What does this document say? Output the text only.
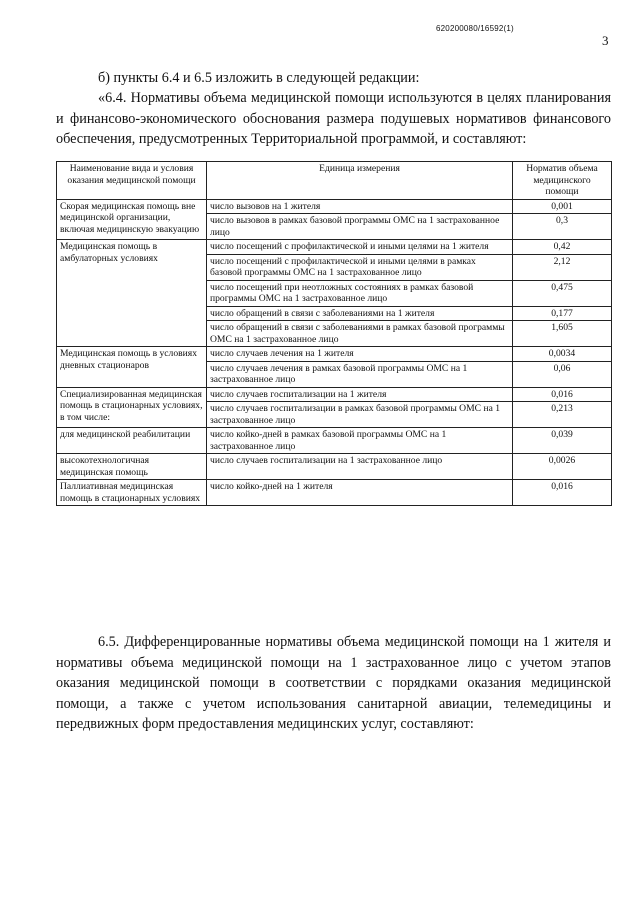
620200080/16592(1)
3
б) пункты 6.4 и 6.5 изложить в следующей редакции:
«6.4. Нормативы объема медицинской помощи используются в целях планирования и финансово-экономического обоснования размера подушевых нормативов финансового обеспечения, предусмотренных Территориальной программой, и составляют:
Наименование вида и условия оказания медицинской помощи	Единица измерения	Норматив объема медицинского помощи
Скорая медицинская помощь вне медицинской организации, включая медицинскую эвакуацию	число вызовов на 1 жителя	0,001
	число вызовов в рамках базовой программы ОМС на 1 застрахованное лицо	0,3
Медицинская помощь в амбулаторных условиях	число посещений с профилактической и иными целями на 1 жителя	0,42
	число посещений с профилактической и иными целями в рамках базовой программы ОМС на 1 застрахованное лицо	2,12
	число посещений при неотложных состояниях в рамках базовой программы ОМС на 1 застрахованное лицо	0,475
	число обращений в связи с заболеваниями на 1 жителя	0,177
	число обращений в связи с заболеваниями в рамках базовой программы ОМС на 1 застрахованное лицо	1,605
Медицинская помощь в условиях дневных стационаров	число случаев лечения на 1 жителя	0,0034
	число случаев лечения в рамках базовой программы ОМС на 1 застрахованное лицо	0,06
Специализированная медицинская помощь в стационарных условиях, в том числе:	число случаев госпитализации на 1 жителя	0,016
	число случаев госпитализации в рамках базовой программы ОМС на 1 застрахованное лицо	0,213
для медицинской реабилитации	число койко-дней в рамках базовой программы ОМС на 1 застрахованное лицо	0,039
высокотехнологичная медицинская помощь	число случаев госпитализации на 1 застрахованное лицо	0,0026
Паллиативная медицинская помощь в стационарных условиях	число койко-дней на 1 жителя	0,016
6.5. Дифференцированные нормативы объема медицинской помощи на 1 жителя и нормативы объема медицинской помощи на 1 застрахованное лицо с учетом этапов оказания медицинской помощи в соответствии с порядками оказания медицинской помощи, а также с учетом использования санитарной авиации, телемедицины и передвижных форм предоставления медицинских услуг, составляют:
